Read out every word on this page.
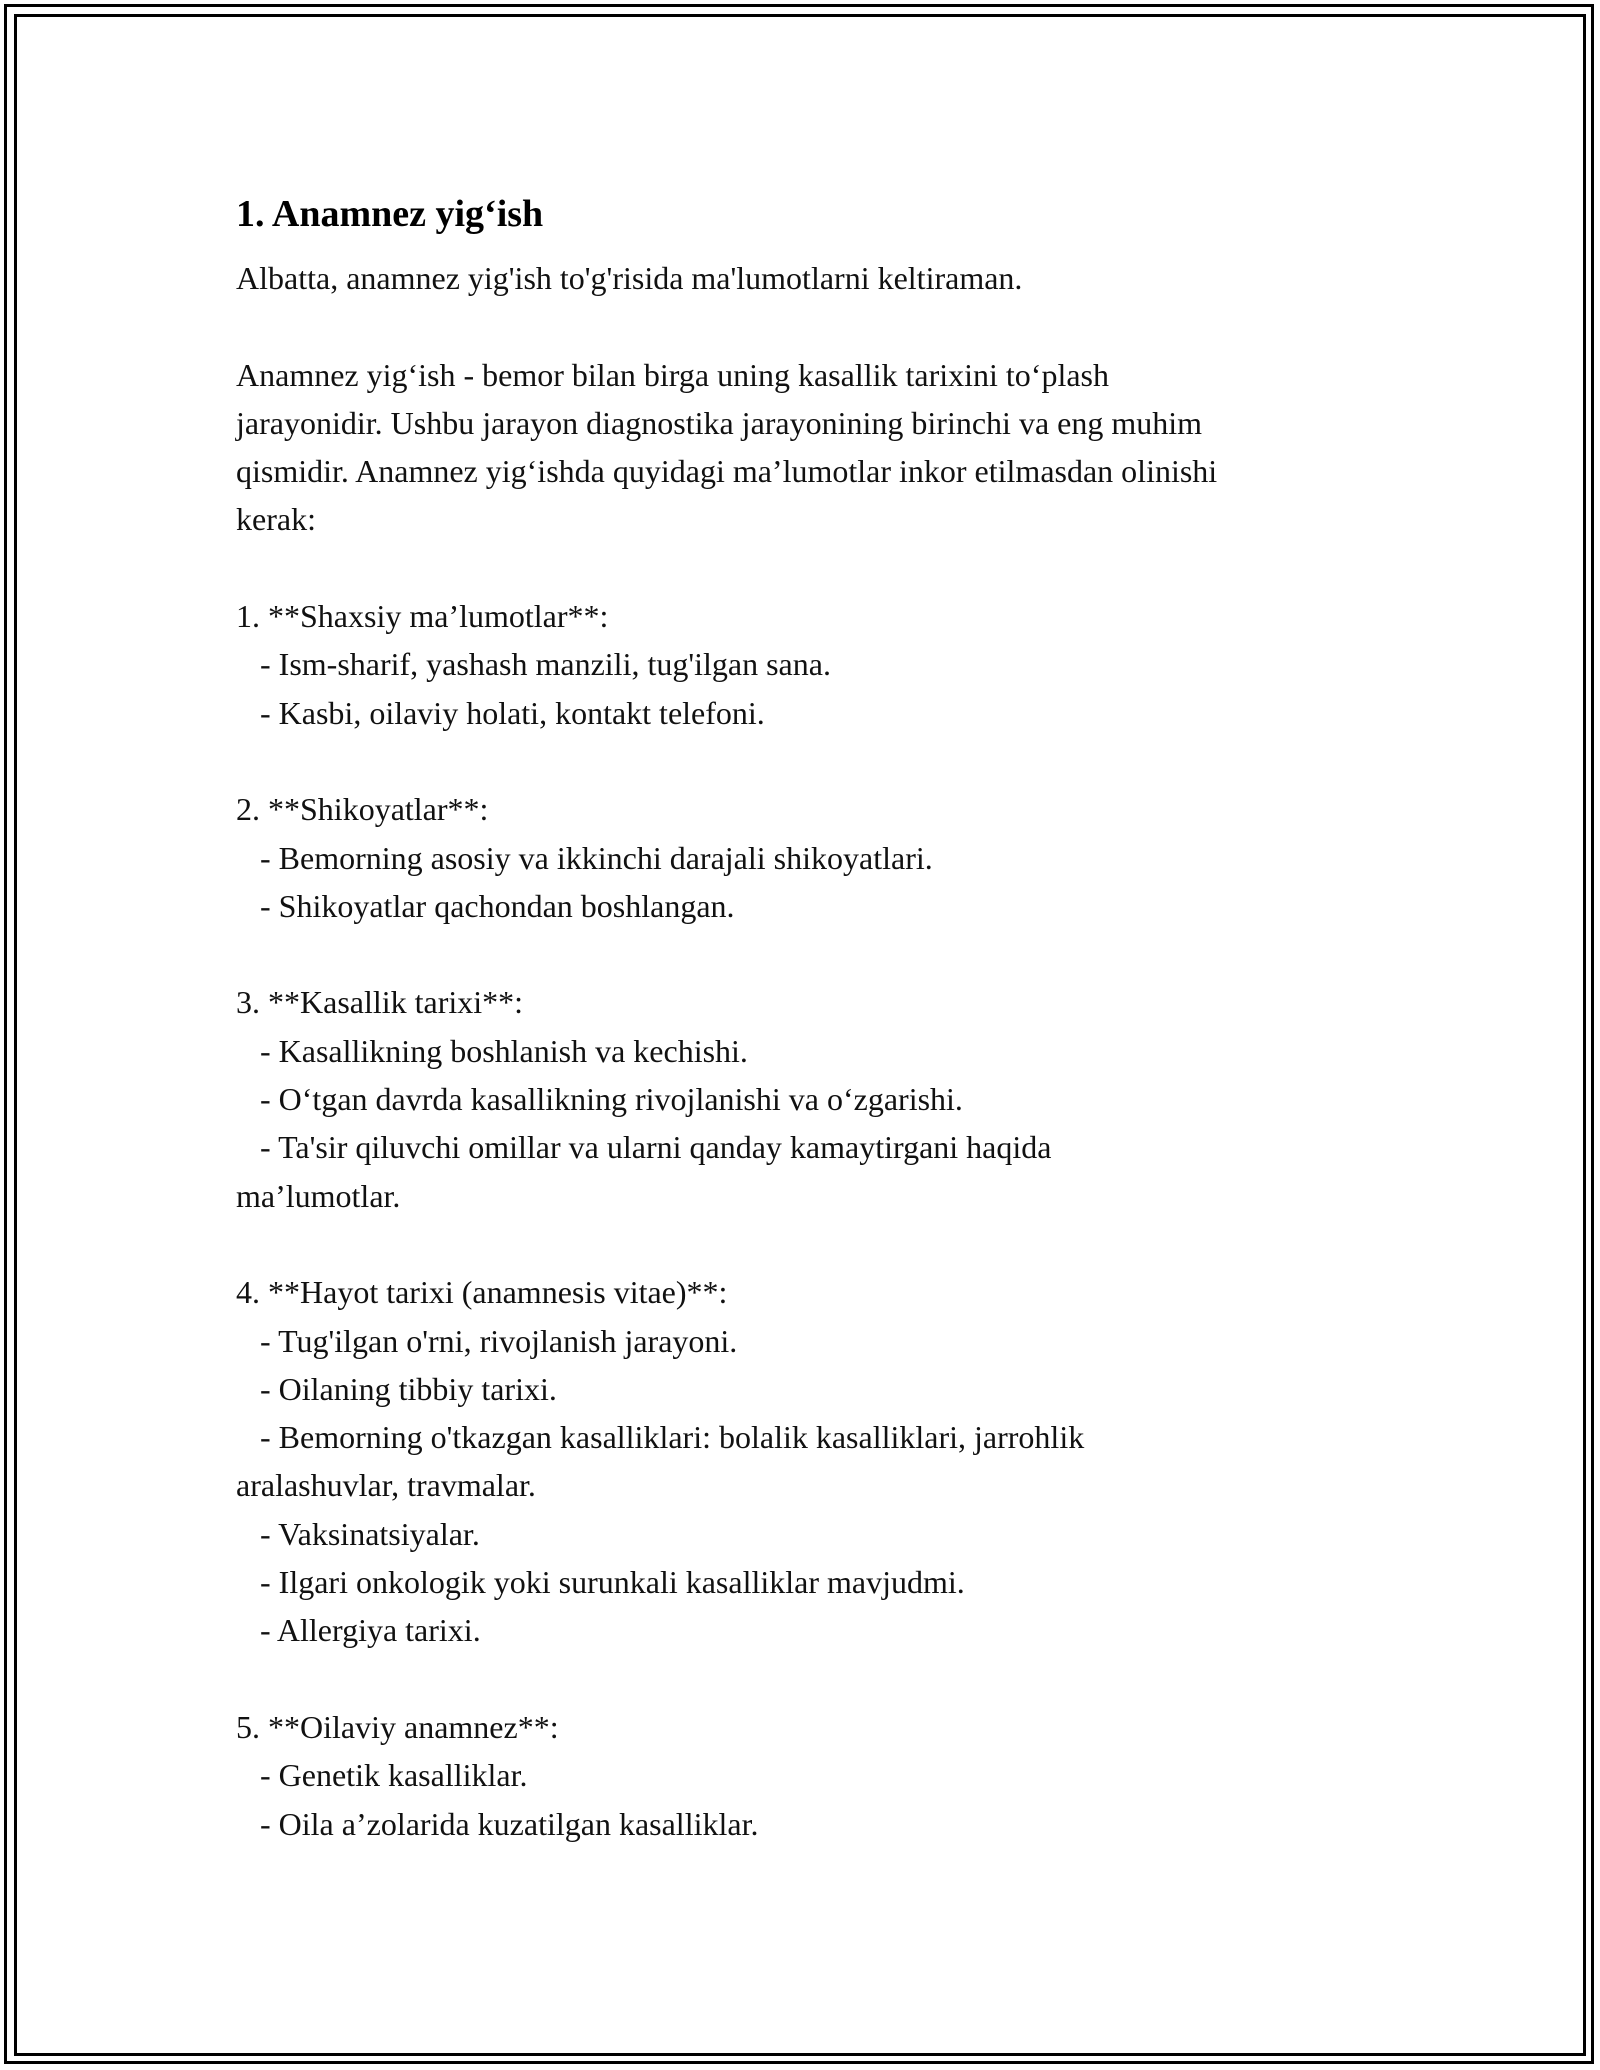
1. Anamnez yig‘ish

Albatta, anamnez yig'ish to'g'risida ma'lumotlarni keltiraman.

Anamnez yig‘ish - bemor bilan birga uning kasallik tarixini to‘plash

jarayonidir. Ushbu jarayon diagnostika jarayonining birinchi va eng muhim

qismidir. Anamnez yig‘ishda quyidagi ma’lumotlar inkor etilmasdan olinishi

kerak:

1. **Shaxsiy ma’lumotlar**:

- Ism-sharif, yashash manzili, tug'ilgan sana.

- Kasbi, oilaviy holati, kontakt telefoni.

2. **Shikoyatlar**:

- Bemorning asosiy va ikkinchi darajali shikoyatlari.

- Shikoyatlar qachondan boshlangan.

3. **Kasallik tarixi**:

- Kasallikning boshlanish va kechishi.

- O‘tgan davrda kasallikning rivojlanishi va o‘zgarishi.

- Ta'sir qiluvchi omillar va ularni qanday kamaytirgani haqida

ma’lumotlar.

4. **Hayot tarixi (anamnesis vitae)**:

- Tug'ilgan o'rni, rivojlanish jarayoni.

- Oilaning tibbiy tarixi.

- Bemorning o'tkazgan kasalliklari: bolalik kasalliklari, jarrohlik

aralashuvlar, travmalar.

- Vaksinatsiyalar.

- Ilgari onkologik yoki surunkali kasalliklar mavjudmi.

- Allergiya tarixi.

5. **Oilaviy anamnez**:

- Genetik kasalliklar.

- Oila a’zolarida kuzatilgan kasalliklar.
